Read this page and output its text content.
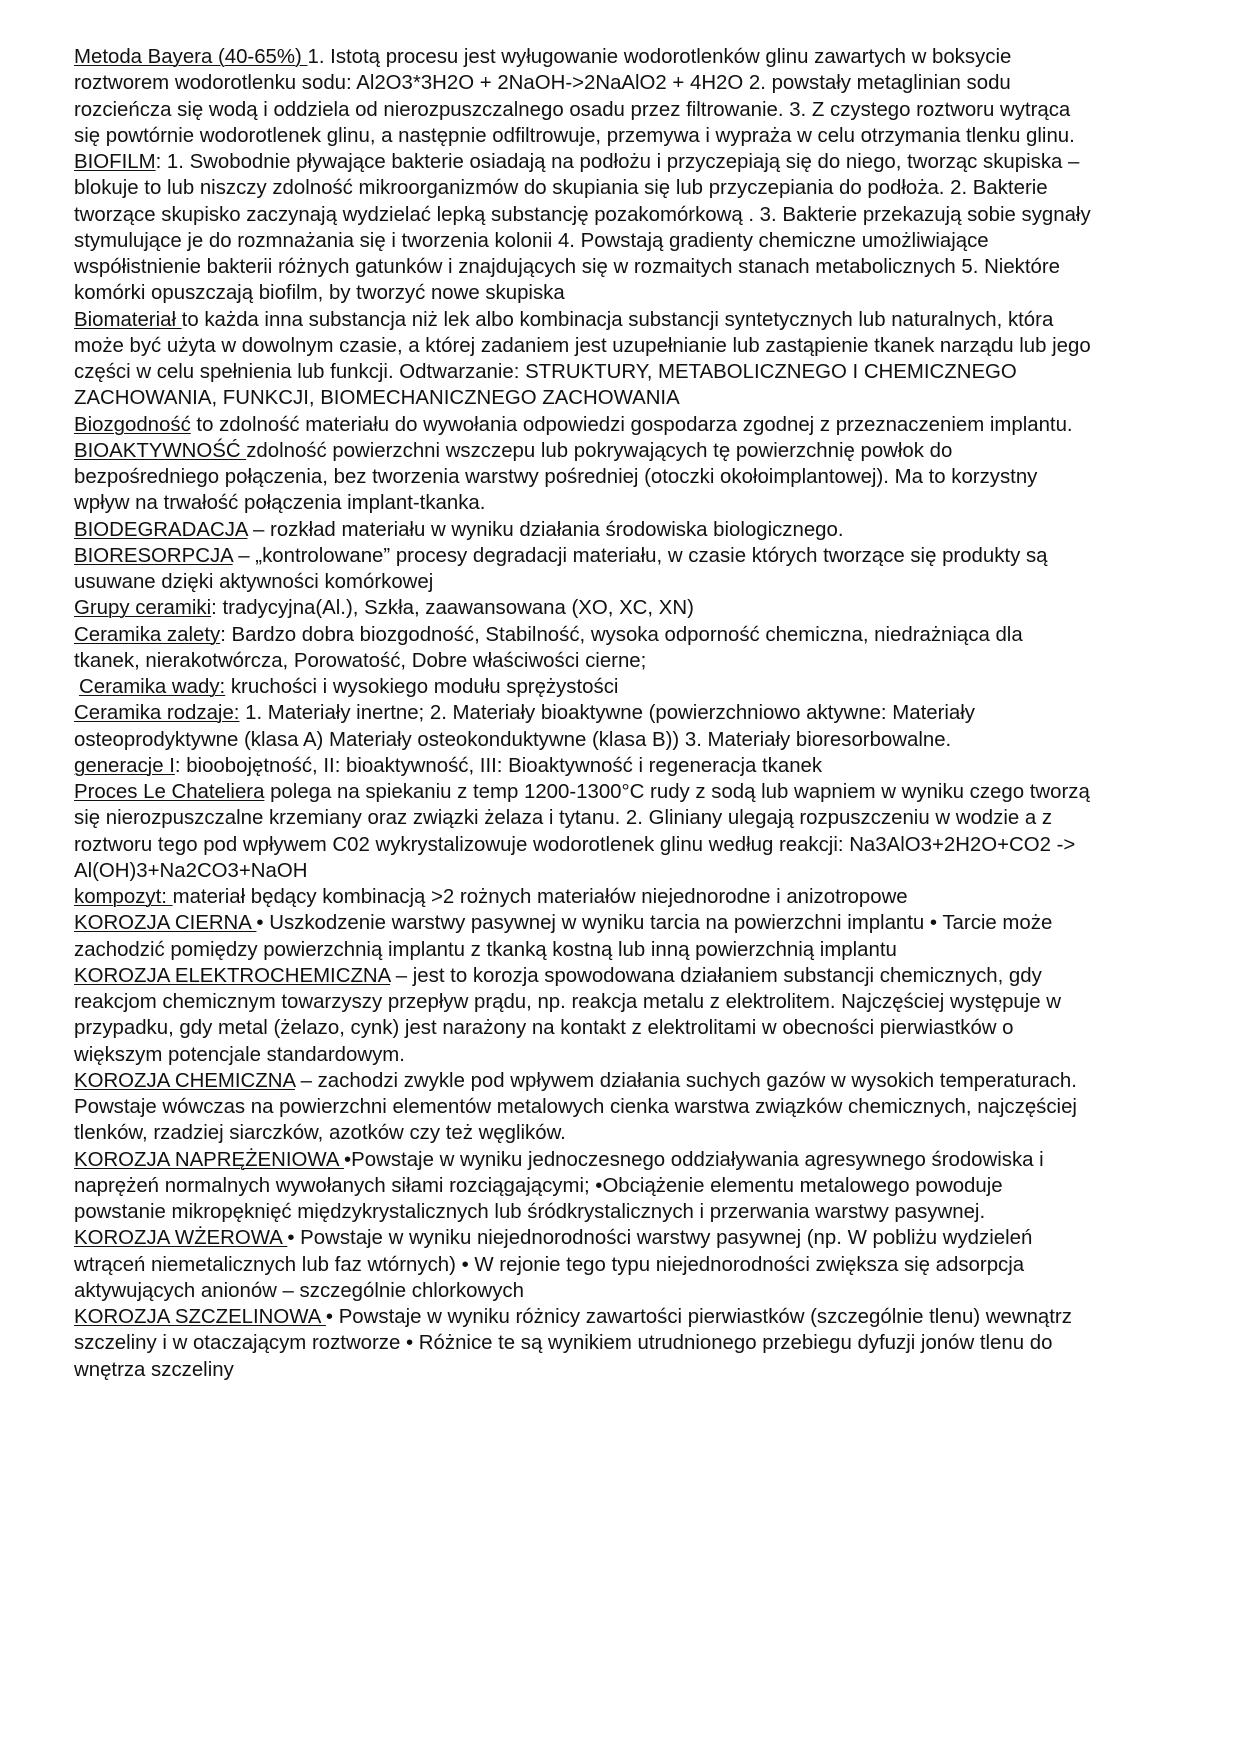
Metoda Bayera (40-65%) 1. Istotą procesu jest wyługowanie wodorotlenków glinu zawartych w boksycie roztworem wodorotlenku sodu: Al2O3*3H2O + 2NaOH->2NaAlO2 + 4H2O 2. powstały metaglinian sodu rozcieńcza się wodą i oddziela od nierozpuszczalnego osadu przez filtrowanie. 3. Z czystego roztworu wytrąca się powtórnie wodorotlenek glinu, a następnie odfiltrowuje, przemywa i wypraża w celu otrzymania tlenku glinu.

BIOFILM: 1. Swobodnie pływające bakterie osiadają na podłożu i przyczepiają się do niego, tworząc skupiska – blokuje to lub niszczy zdolność mikroorganizmów do skupiania się lub przyczepiania do podłoża. 2. Bakterie tworzące skupisko zaczynają wydzielać lepką substancję pozakomórkową . 3. Bakterie przekazują sobie sygnały stymulujące je do rozmnażania się i tworzenia kolonii 4. Powstają gradienty chemiczne umożliwiające współistnienie bakterii różnych gatunków i znajdujących się w rozmaitych stanach metabolicznych 5. Niektóre komórki opuszczają biofilm, by tworzyć nowe skupiska

Biomateriał to każda inna substancja niż lek albo kombinacja substancji syntetycznych lub naturalnych, która może być użyta w dowolnym czasie, a której zadaniem jest uzupełnianie lub zastąpienie tkanek narządu lub jego części w celu spełnienia lub funkcji. Odtwarzanie: STRUKTURY, METABOLICZNEGO I CHEMICZNEGO ZACHOWANIA, FUNKCJI, BIOMECHANICZNEGO ZACHOWANIA

Biozgodność to zdolność materiału do wywołania odpowiedzi gospodarza zgodnej z przeznaczeniem implantu.

BIOAKTYWNOŚĆ zdolność powierzchni wszczepu lub pokrywających tę powierzchnię powłok do bezpośredniego połączenia, bez tworzenia warstwy pośredniej (otoczki okołoimplantowej). Ma to korzystny wpływ na trwałość połączenia implant-tkanka.

BIODEGRADACJA – rozkład materiału w wyniku działania środowiska biologicznego.

BIORESORPCJA – „kontrolowane” procesy degradacji materiału, w czasie których tworzące się produkty są usuwane dzięki aktywności komórkowej

Grupy ceramiki: tradycyjna(Al.), Szkła, zaawansowana (XO, XC, XN)

Ceramika zalety: Bardzo dobra biozgodność, Stabilność, wysoka odporność chemiczna, niedrażniąca dla tkanek, nierakotwórcza, Porowatość, Dobre właściwości cierne;

Ceramika wady: kruchości i wysokiego modułu sprężystości

Ceramika rodzaje: 1. Materiały inertne; 2. Materiały bioaktywne (powierzchniowo aktywne: Materiały osteoprodyktywne (klasa A) Materiały osteokonduktywne (klasa B)) 3. Materiały bioresorbowalne.

generacje I: bioobojętność, II: bioaktywność, III: Bioaktywność i regeneracja tkanek

Proces Le Chateliera polega na spiekaniu z temp 1200-1300°C rudy z sodą lub wapniem w wyniku czego tworzą się nierozpuszczalne krzemiany oraz związki żelaza i tytanu. 2. Gliniany ulegają rozpuszczeniu w wodzie a z roztworu tego pod wpływem C02 wykrystalizowuje wodorotlenek glinu według reakcji: Na3AlO3+2H2O+CO2 -> Al(OH)3+Na2CO3+NaOH

kompozyt: materiał będący kombinacją >2 rożnych materiałów niejednorodne i anizotropowe

KOROZJA CIERNA • Uszkodzenie warstwy pasywnej w wyniku tarcia na powierzchni implantu • Tarcie może zachodzić pomiędzy powierzchnią implantu z tkanką kostną lub inną powierzchnią implantu

KOROZJA ELEKTROCHEMICZNA – jest to korozja spowodowana działaniem substancji chemicznych, gdy reakcjom chemicznym towarzyszy przepływ prądu, np. reakcja metalu z elektrolitem. Najczęściej występuje w przypadku, gdy metal (żelazo, cynk) jest narażony na kontakt z elektrolitami w obecności pierwiastków o większym potencjale standardowym.

KOROZJA CHEMICZNA – zachodzi zwykle pod wpływem działania suchych gazów w wysokich temperaturach. Powstaje wówczas na powierzchni elementów metalowych cienka warstwa związków chemicznych, najczęściej tlenków, rzadziej siarczków, azotków czy też węglików.

KOROZJA NAPRĘŻENIOWA •Powstaje w wyniku jednoczesnego oddziaływania agresywnego środowiska i naprężeń normalnych wywołanych siłami rozciągającymi; •Obciążenie elementu metalowego powoduje powstanie mikropęknięć międzykrystalicznych lub śródkrystalicznych i przerwania warstwy pasywnej.

KOROZJA WŻEROWA • Powstaje w wyniku niejednorodności warstwy pasywnej (np. W pobliżu wydzieleń wtrąceń niemetalicznych lub faz wtórnych) • W rejonie tego typu niejednorodności zwiększa się adsorpcja aktywujących anionów – szczególnie chlorkowych

KOROZJA SZCZELINOWA • Powstaje w wyniku różnicy zawartości pierwiastków (szczególnie tlenu) wewnątrz szczeliny i w otaczającym roztworze • Różnice te są wynikiem utrudnionego przebiegu dyfuzji jonów tlenu do wnętrza szczeliny
